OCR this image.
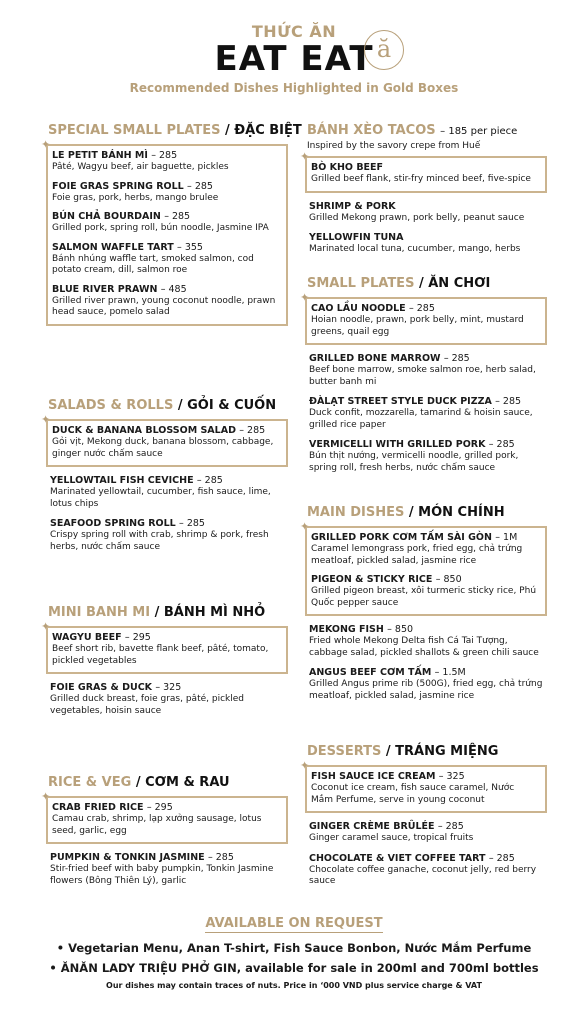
THỨC ĂN
EAT EAT
Recommended Dishes Highlighted in Gold Boxes
ă
SPECIAL SMALL PLATES / ĐẶC BIỆT
✦
LE PETIT BÁNH MÌ – 285
Pâté, Wagyu beef, air baguette, pickles
FOIE GRAS SPRING ROLL – 285
Foie gras, pork, herbs, mango brulee
BÚN CHẢ BOURDAIN – 285
Grilled pork, spring roll, bún noodle, Jasmine IPA
SALMON WAFFLE TART – 355
Bánh nhúng waffle tart, smoked salmon, cod potato cream, dill, salmon roe
BLUE RIVER PRAWN – 485
Grilled river prawn, young coconut noodle, prawn head sauce, pomelo salad
SALADS & ROLLS / GỎI & CUỐN
✦
DUCK & BANANA BLOSSOM SALAD – 285
Gỏi vịt, Mekong duck, banana blossom, cabbage, ginger nước chấm sauce
YELLOWTAIL FISH CEVICHE – 285
Marinated yellowtail, cucumber, fish sauce, lime, lotus chips
SEAFOOD SPRING ROLL – 285
Crispy spring roll with crab, shrimp & pork, fresh herbs, nước chấm sauce
MINI BANH MI / BÁNH MÌ NHỎ
✦
WAGYU BEEF – 295
Beef short rib, bavette flank beef, pâté, tomato, pickled vegetables
FOIE GRAS & DUCK – 325
Grilled duck breast, foie gras, pâté, pickled vegetables, hoisin sauce
RICE & VEG / CƠM & RAU
✦
CRAB FRIED RICE – 295
Camau crab, shrimp, lạp xưởng sausage, lotus seed, garlic, egg
PUMPKIN & TONKIN JASMINE – 285
Stir-fried beef with baby pumpkin, Tonkin Jasmine flowers (Bông Thiên Lý), garlic
BÁNH XÈO TACOS – 185 per piece
Inspired by the savory crepe from Huế
✦
BÒ KHO BEEF
Grilled beef flank, stir-fry minced beef, five-spice
SHRIMP & PORK
Grilled Mekong prawn, pork belly, peanut sauce
YELLOWFIN TUNA
Marinated local tuna, cucumber, mango, herbs
SMALL PLATES / ĂN CHƠI
✦
CAO LẦU NOODLE – 285
Hoian noodle, prawn, pork belly, mint, mustard greens, quail egg
GRILLED BONE MARROW – 285
Beef bone marrow, smoke salmon roe, herb salad, butter banh mi
ĐÀLẠT STREET STYLE DUCK PIZZA – 285
Duck confit, mozzarella, tamarind & hoisin sauce, grilled rice paper
VERMICELLI WITH GRILLED PORK – 285
Bún thịt nướng, vermicelli noodle, grilled pork, spring roll, fresh herbs, nước chấm sauce
MAIN DISHES / MÓN CHÍNH
✦
GRILLED PORK CƠM TẤM SÀI GÒN – 1M
Caramel lemongrass pork, fried egg, chả trứng meatloaf, pickled salad, jasmine rice
PIGEON & STICKY RICE – 850
Grilled pigeon breast, xôi turmeric sticky rice, Phú Quốc pepper sauce
MEKONG FISH – 850
Fried whole Mekong Delta fish Cá Tai Tượng, cabbage salad, pickled shallots & green chili sauce
ANGUS BEEF CƠM TẤM – 1.5M
Grilled Angus prime rib (500G), fried egg, chả trứng meatloaf, pickled salad, jasmine rice
DESSERTS / TRÁNG MIỆNG
✦
FISH SAUCE ICE CREAM – 325
Coconut ice cream, fish sauce caramel, Nước Mắm Perfume, serve in young coconut
GINGER CRÈME BRÛLÉE – 285
Ginger caramel sauce, tropical fruits
CHOCOLATE & VIET COFFEE TART – 285
Chocolate coffee ganache, coconut jelly, red berry sauce
AVAILABLE ON REQUEST
• Vegetarian Menu, Anan T-shirt, Fish Sauce Bonbon, Nước Mắm Perfume
• ĂNĂN LADY TRIỆU PHỞ GIN, available for sale in 200ml and 700ml bottles
Our dishes may contain traces of nuts. Price in ‘000 VND plus service charge & VAT
